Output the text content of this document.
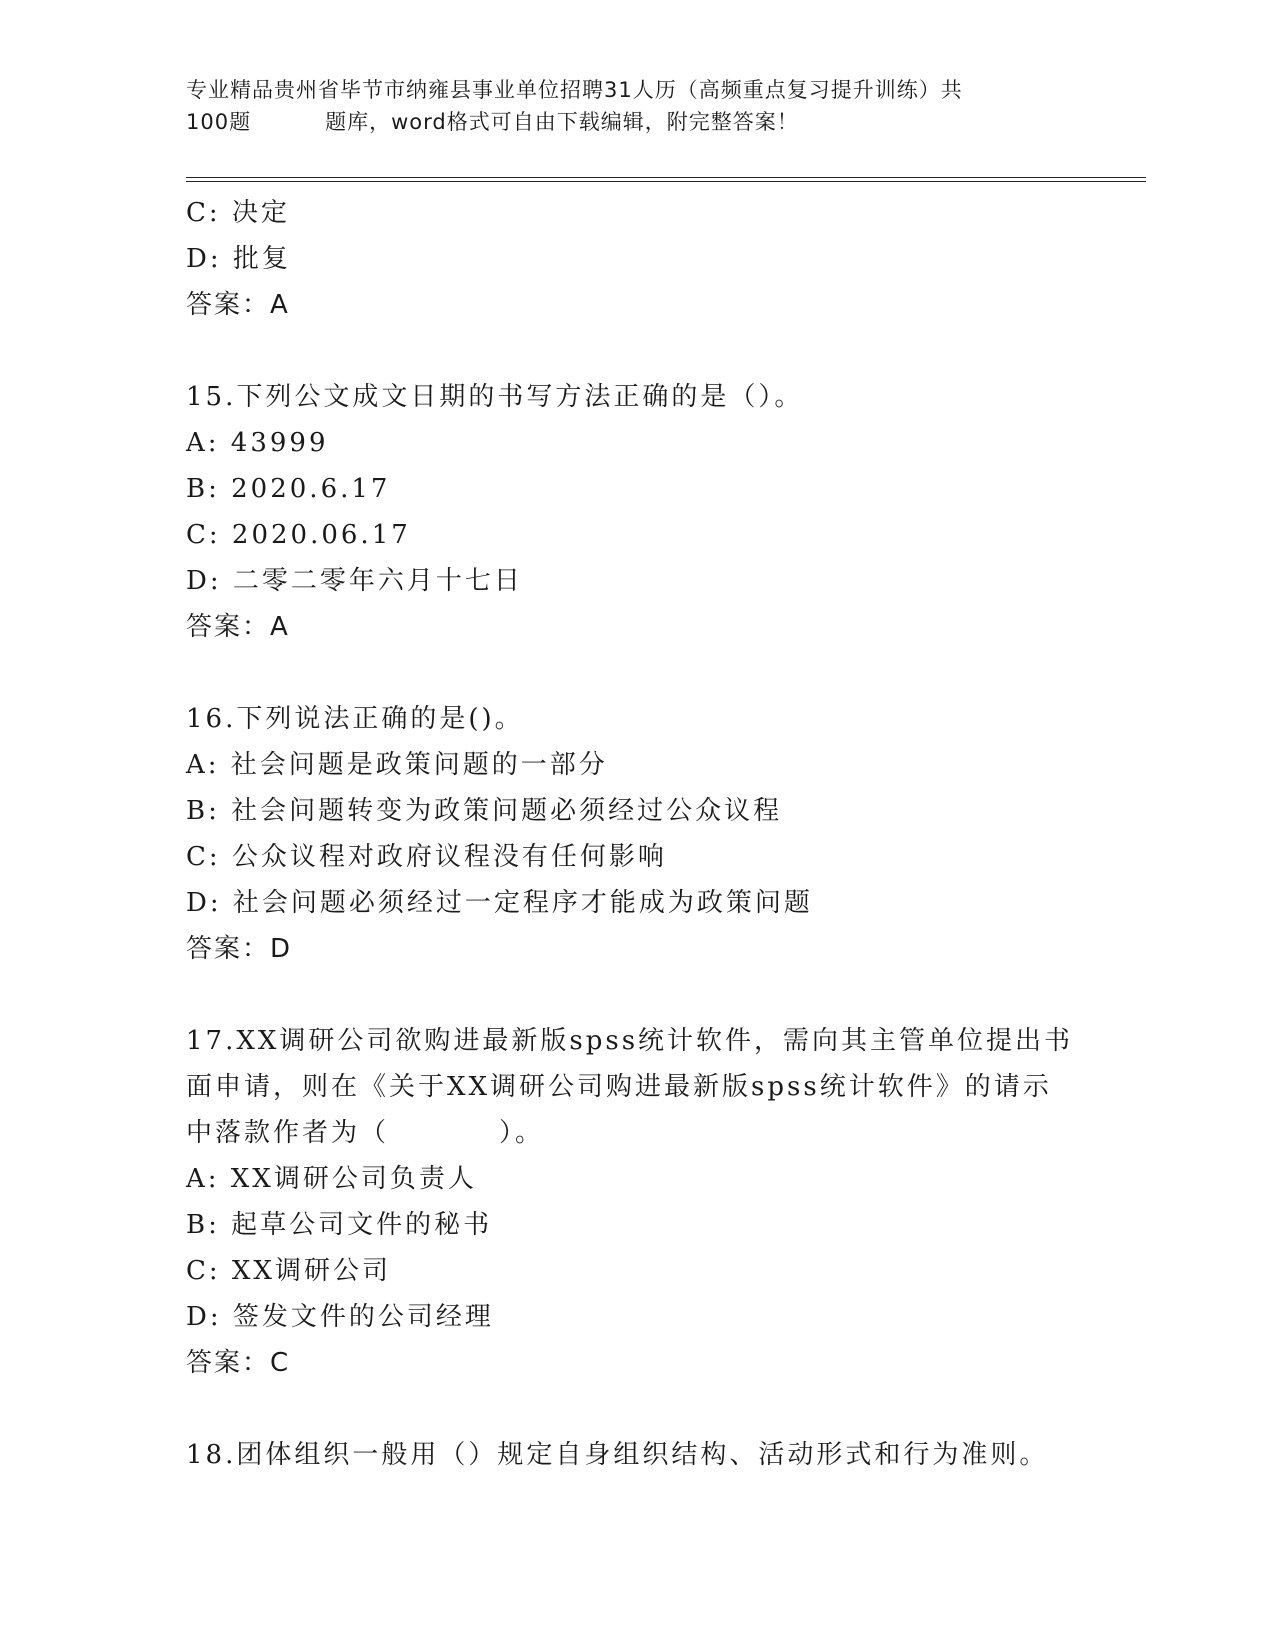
专业精品贵州省毕节市纳雍县事业单位招聘31人历（高频重点复习提升训练）共
100题	题库，word格式可自由下载编辑，附完整答案！
C: 决定
D: 批复
答案：A
15.下列公文成文日期的书写方法正确的是（）。
A: 43999
B: 2020.6.17
C: 2020.06.17
D: 二零二零年六月十七日
答案：A
16.下列说法正确的是()。
A: 社会问题是政策问题的一部分
B: 社会问题转变为政策问题必须经过公众议程
C: 公众议程对政府议程没有任何影响
D: 社会问题必须经过一定程序才能成为政策问题
答案：D
17.XX调研公司欲购进最新版spss统计软件，需向其主管单位提出书
面申请，则在《关于XX调研公司购进最新版spss统计软件》的请示
中落款作者为（	）。
A: XX调研公司负责人
B: 起草公司文件的秘书
C: XX调研公司
D: 签发文件的公司经理
答案：C
18.团体组织一般用（）规定自身组织结构、活动形式和行为准则。
